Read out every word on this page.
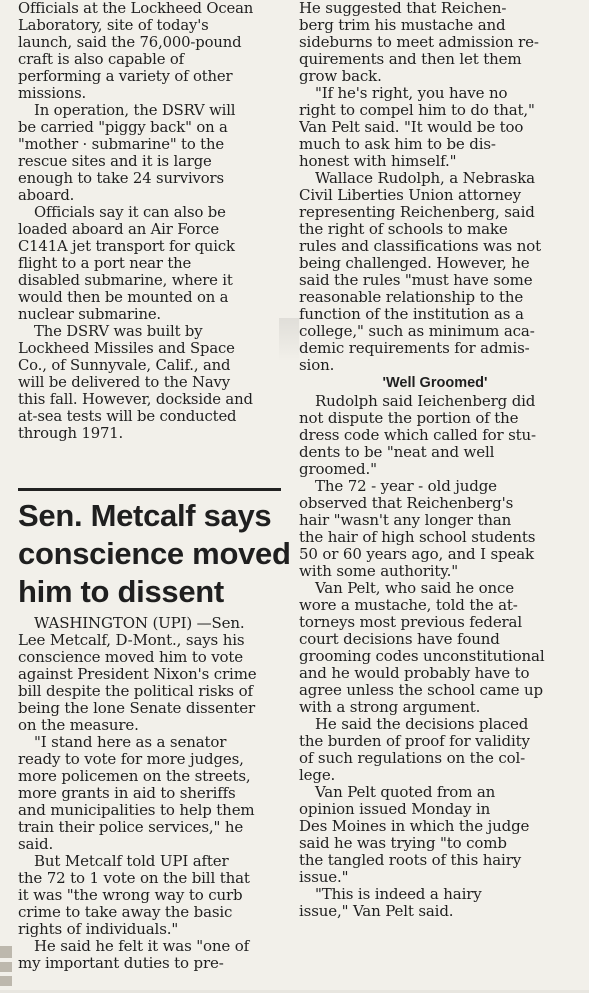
Officials at the Lockheed Ocean
Laboratory, site of today's
launch, said the 76,000-pound
craft is also capable of
performing a variety of other
missions.
In operation, the DSRV will
be carried "piggy back" on a
"mother · submarine" to the
rescue sites and it is large
enough to take 24 survivors
aboard.
Officials say it can also be
loaded aboard an Air Force
C141A jet transport for quick
flight to a port near the
disabled submarine, where it
would then be mounted on a
nuclear submarine.
The DSRV was built by
Lockheed Missiles and Space
Co., of Sunnyvale, Calif., and
will be delivered to the Navy
this fall. However, dockside and
at-sea tests will be conducted
through 1971.
Sen. Metcalf says
conscience moved
him to dissent
WASHINGTON (UPI) —Sen.
Lee Metcalf, D-Mont., says his
conscience moved him to vote
against President Nixon's crime
bill despite the political risks of
being the lone Senate dissenter
on the measure.
"I stand here as a senator
ready to vote for more judges,
more policemen on the streets,
more grants in aid to sheriffs
and municipalities to help them
train their police services," he
said.
But Metcalf told UPI after
the 72 to 1 vote on the bill that
it was "the wrong way to curb
crime to take away the basic
rights of individuals."
He said he felt it was "one of
my important duties to pre-
He suggested that Reichen-
berg trim his mustache and
sideburns to meet admission re-
quirements and then let them
grow back.
"If he's right, you have no
right to compel him to do that,"
Van Pelt said. "It would be too
much to ask him to be dis-
honest with himself."
Wallace Rudolph, a Nebraska
Civil Liberties Union attorney
representing Reichenberg, said
the right of schools to make
rules and classifications was not
being challenged. However, he
said the rules "must have some
reasonable relationship to the
function of the institution as a
college," such as minimum aca-
demic requirements for admis-
sion.
'Well Groomed'
Rudolph said Ieichenberg did
not dispute the portion of the
dress code which called for stu-
dents to be "neat and well
groomed."
The 72 - year - old judge
observed that Reichenberg's
hair "wasn't any longer than
the hair of high school students
50 or 60 years ago, and I speak
with some authority."
Van Pelt, who said he once
wore a mustache, told the at-
torneys most previous federal
court decisions have found
grooming codes unconstitutional
and he would probably have to
agree unless the school came up
with a strong argument.
He said the decisions placed
the burden of proof for validity
of such regulations on the col-
lege.
Van Pelt quoted from an
opinion issued Monday in
Des Moines in which the judge
said he was trying "to comb
the tangled roots of this hairy
issue."
"This is indeed a hairy
issue," Van Pelt said.
